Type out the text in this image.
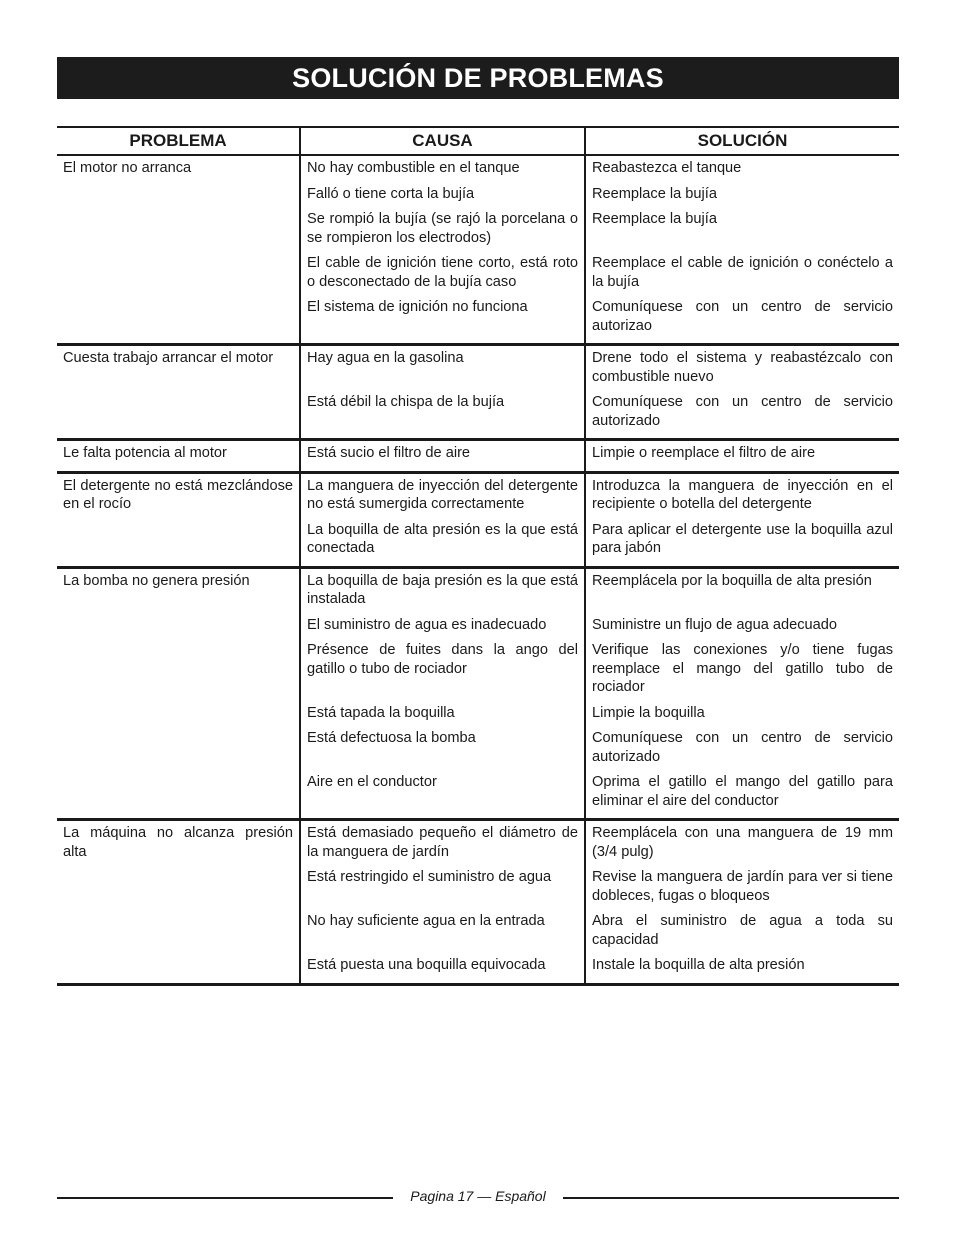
SOLUCIÓN DE PROBLEMAS
PROBLEMA	CAUSA	SOLUCIÓN
El motor no arranca	No hay combustible en el tanque	Reabastezca el tanque
	Falló o tiene corta la bujía	Reemplace la bujía
	Se rompió la bujía (se rajó la porcelana o se rompieron los electrodos)	Reemplace la bujía
	El cable de ignición tiene corto, está roto o desconectado de la bujía caso	Reemplace el cable de ignición o conéctelo a la bujía
	El sistema de ignición no funciona	Comuníquese con un centro de servicio autorizao
Cuesta trabajo arrancar el motor	Hay agua en la gasolina	Drene todo el sistema y reabastézcalo con combustible nuevo
	Está débil la chispa de la bujía	Comuníquese con un centro de servicio autorizado
Le falta potencia al motor	Está sucio el filtro de aire	Limpie o reemplace el filtro de aire
El detergente no está mezclándose en el rocío	La manguera de inyección del detergente no está sumergida correctamente	Introduzca la manguera de inyección en el recipiente o botella del detergente
	La boquilla de alta presión es la que está conectada	Para aplicar el detergente use la boquilla azul para jabón
La bomba no genera presión	La boquilla de baja presión es la que está instalada	Reemplácela por la boquilla de alta presión
	El suministro de agua es inadecuado	Suministre un flujo de agua adecuado
	Présence de fuites dans la ango del gatillo o tubo de rociador	Verifique las conexiones y/o tiene fugas reemplace el mango del gatillo tubo de rociador
	Está tapada la boquilla	Limpie la boquilla
	Está defectuosa la bomba	Comuníquese con un centro de servicio autorizado
	Aire en el conductor	Oprima el gatillo el mango del gatillo para eliminar el aire del conductor
La máquina no alcanza presión alta	Está demasiado pequeño el diámetro de la manguera de jardín	Reemplácela con una manguera de 19 mm (3/4 pulg)
	Está restringido el suministro de agua	Revise la manguera de jardín para ver si tiene dobleces, fugas o bloqueos
	No hay suficiente agua en la entrada	Abra el suministro de agua a toda su capacidad
	Está puesta una boquilla equivocada	Instale la boquilla de alta presión
Pagina 17 — Español
